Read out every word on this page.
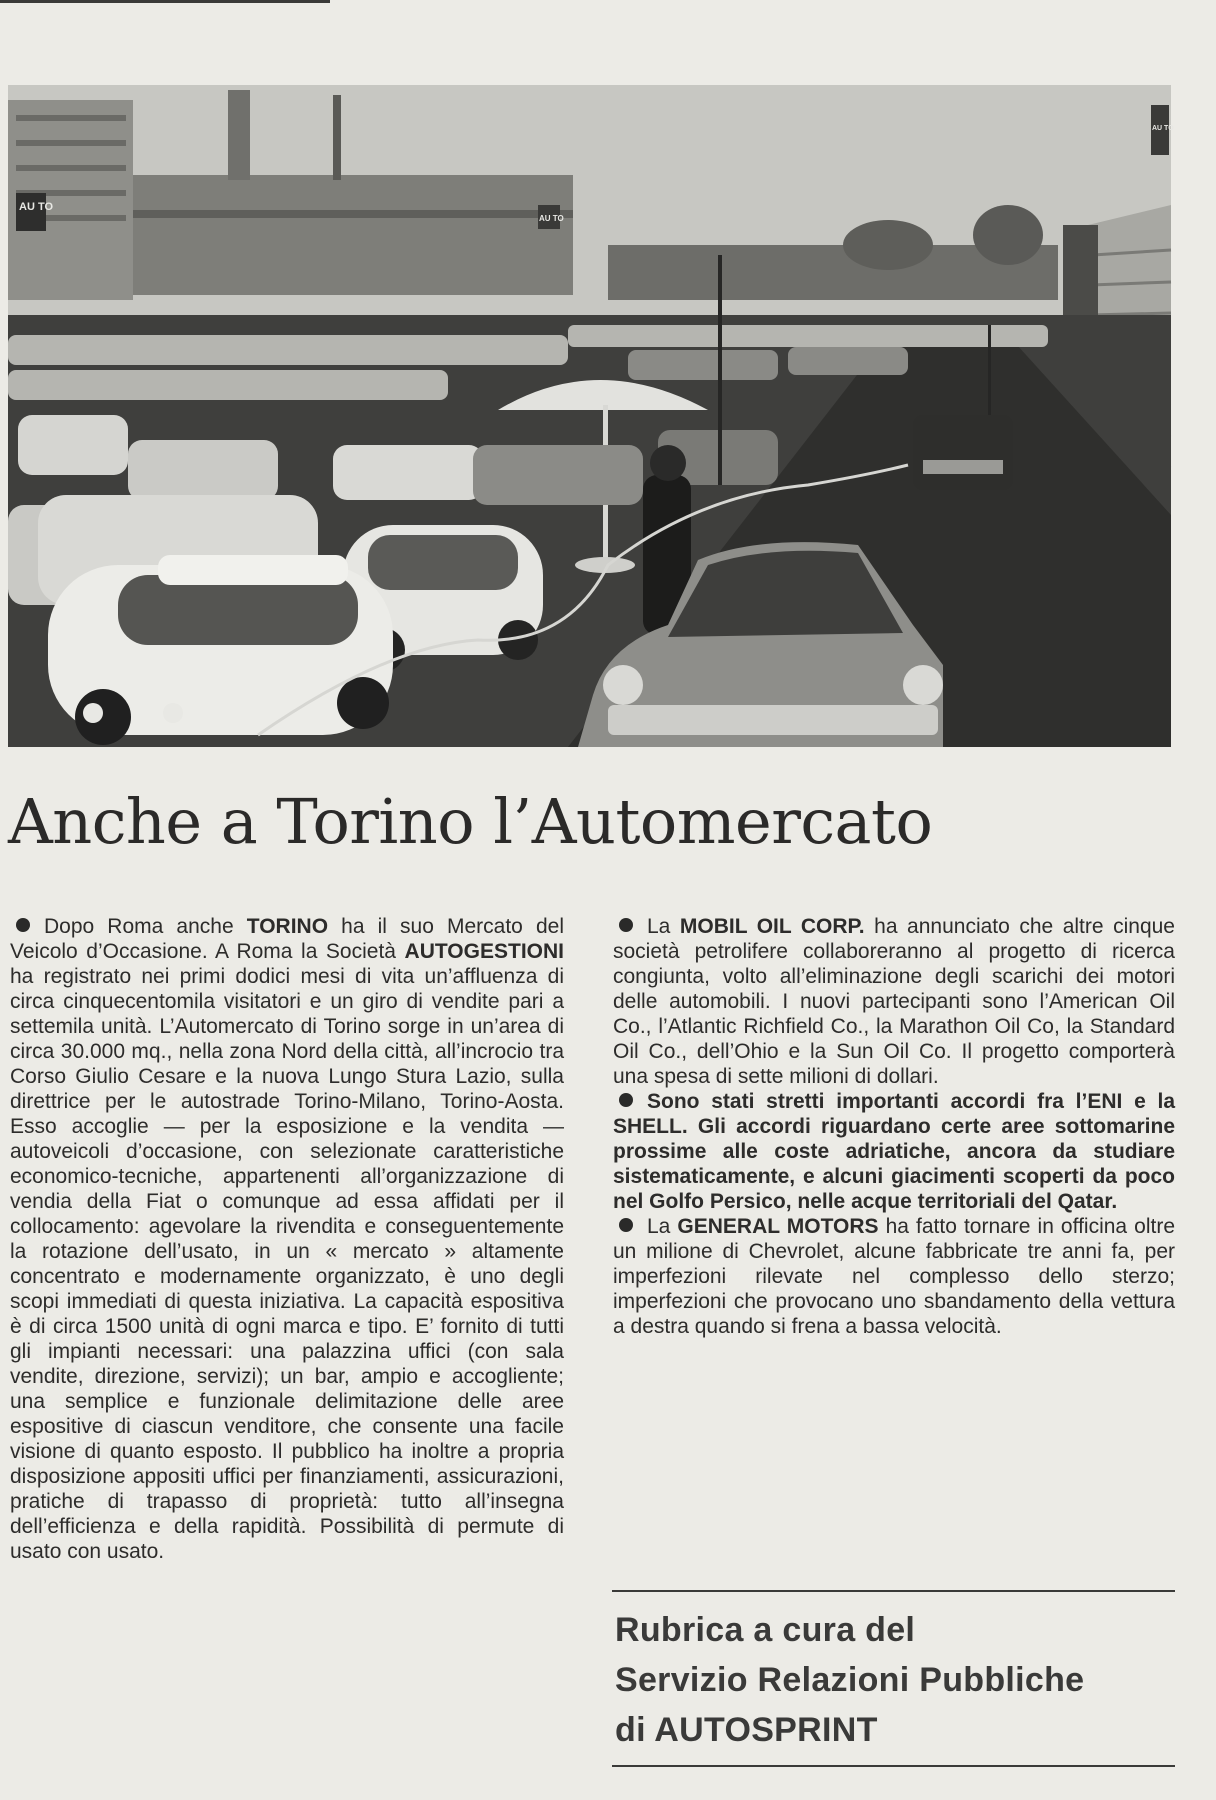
AU TO
AU TO
AU TO
Anche a Torino l’Automercato

Dopo Roma anche TORINO ha il suo Mercato del Veicolo d’Occasione. A Roma la Società AUTOGESTIONI ha registrato nei primi dodici mesi di vita un’affluenza di circa cinquecentomila visitatori e un giro di vendite pari a settemila unità. L’Automercato di Torino sorge in un’area di circa 30.000 mq., nella zona Nord della città, all’incrocio tra Corso Giulio Cesare e la nuova Lungo Stura Lazio, sulla direttrice per le autostrade Torino-Milano, Torino-Aosta. Esso accoglie — per la esposizione e la vendita — autoveicoli d’occasione, con selezionate caratteristiche economico-tecniche, appartenenti all’organizzazione di vendia della Fiat o comunque ad essa affidati per il collocamento: agevolare la rivendita e conseguentemente la rotazione dell’usato, in un « mercato » altamente concentrato e modernamente organizzato, è uno degli scopi immediati di questa iniziativa. La capacità espositiva è di circa 1500 unità di ogni marca e tipo. E’ fornito di tutti gli impianti necessari: una palazzina uffici (con sala vendite, direzione, servizi); un bar, ampio e accogliente; una semplice e funzionale delimitazione delle aree espositive di ciascun venditore, che consente una facile visione di quanto esposto. Il pubblico ha inoltre a propria disposizione appositi uffici per finanziamenti, assicurazioni, pratiche di trapasso di proprietà: tutto all’insegna dell’efficienza e della rapidità. Possibilità di permute di usato con usato.

La MOBIL OIL CORP. ha annunciato che altre cinque società petrolifere collaboreranno al progetto di ricerca congiunta, volto all’eliminazione degli scarichi dei motori delle automobili. I nuovi partecipanti sono l’American Oil Co., l’Atlantic Richfield Co., la Marathon Oil Co, la Standard Oil Co., dell’Ohio e la Sun Oil Co. Il progetto comporterà una spesa di sette milioni di dollari.

Sono stati stretti importanti accordi fra l’ENI e la SHELL. Gli accordi riguardano certe aree sottomarine prossime alle coste adriatiche, ancora da studiare sistematicamente, e alcuni giacimenti scoperti da poco nel Golfo Persico, nelle acque territoriali del Qatar.

La GENERAL MOTORS ha fatto tornare in officina oltre un milione di Chevrolet, alcune fabbricate tre anni fa, per imperfezioni rilevate nel complesso dello sterzo; imperfezioni che provocano uno sbandamento della vettura a destra quando si frena a bassa velocità.

Rubrica a cura del
Servizio Relazioni Pubbliche
di AUTOSPRINT
